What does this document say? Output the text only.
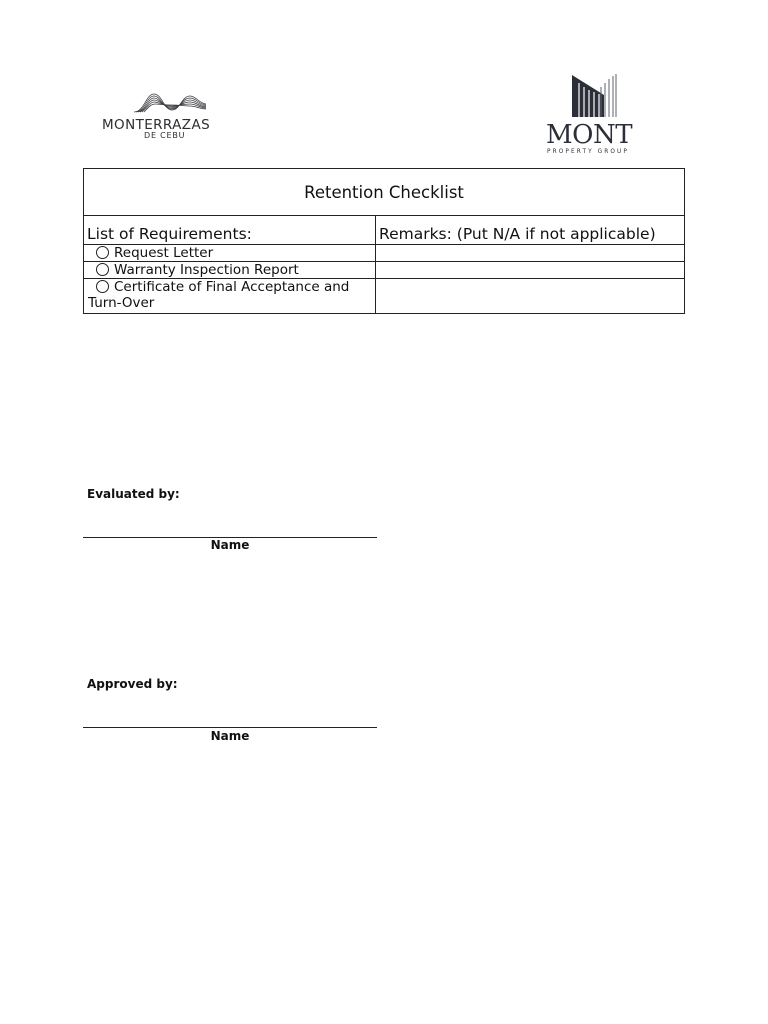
MONTERRAZAS
DE CEBU	MONT
PROPERTY GROUP
Retention Checklist
List of Requirements:	Remarks: (Put N/A if not applicable)
Request Letter
Warranty Inspection Report
Certificate of Final Acceptance and Turn-Over
Evaluated by:
Name
Approved by:
Name
